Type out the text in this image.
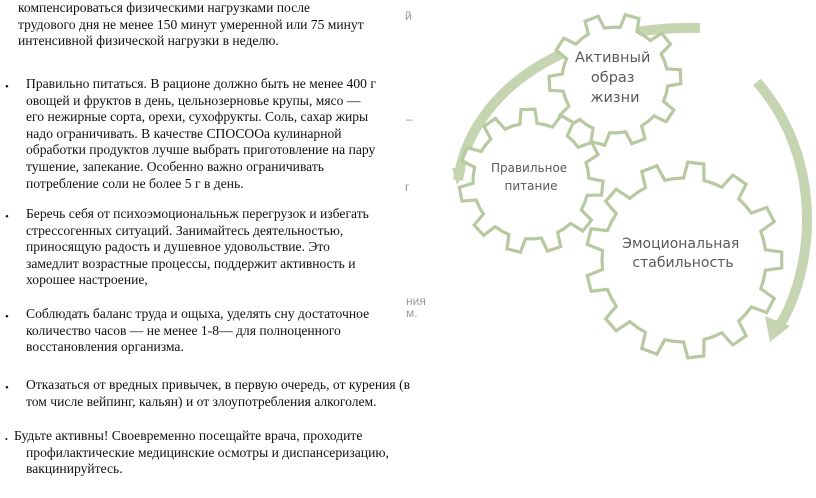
компенсироваться физическими нагрузками после
трудового дня не менее 150 минут умеренной или 75 минут
интенсивной физической нагрузки в неделю.

• Правильно питаться. В рационе должно быть не менее 400 г
овощей и фруктов в день, цельнозерновье крупы, мясо —
его нежирные сорта, орехи, сухофрукты. Соль, сахар жиры
надо ограничивать. В качестве СПОСООа кулинарной
обработки продуктов лучше выбрать приготовление на пару
тушение, запекание. Особенно важно ограничивать
потребление соли не более 5 г в день.

• Беречь себя от психоэмоциональньж перегрузок и избегать
стрессогенных ситуаций. Занимайтесь деятельностью,
приносящую радость и душевное удовольствие. Это
замедлит возрастные процессы, поддержит активность и
хорошее настроение,

• Соблюдать баланс труда и ощыха, уделять сну достаточное
количество часов — не менее 1-8— для полноценного
восстановления организма.

• Отказаться от вредных привычек, в первую очередь, от курения (в
том числе вейпинг, кальян) и от злоупотребления алкоголем.

• Будьте активны! Своевременно посещайте врача, проходите
профилактические медицинские осмотры и диспансеризацию,
вакцинируйтесь.

й
–
г
ния
м.
Активный образ жизни
Правильное питание
Эмоциональная стабильность
